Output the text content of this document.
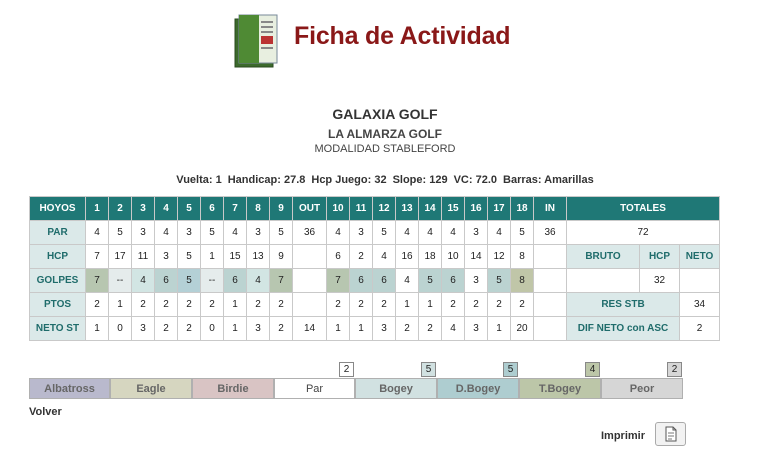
Ficha de Actividad
GALAXIA GOLF
LA ALMARZA GOLF
MODALIDAD STABLEFORD
Vuelta: 1 Handicap: 27.8 Hcp Juego: 32 Slope: 129 VC: 72.0 Barras: Amarillas
HOYOS	1	2	3	4	5	6	7	8	9	OUT	10	11	12	13	14	15	16	17	18	IN	TOTALES		
PAR	4	5	3	4	3	5	4	3	5	36	4	3	5	4	4	4	3	4	5	36	72		
HCP	7	17	11	3	5	1	15	13	9		6	2	4	16	18	10	14	12	8		BRUTO	HCP	NETO
GOLPES	7	--	4	6	5	--	6	4	7		7	6	6	4	5	6	3	5	8			32	
PTOS	2	1	2	2	2	2	1	2	2		2	2	2	1	1	2	2	2	2		RES STB		34
NETO ST	1	0	3	2	2	0	1	3	2	14	1	1	3	2	2	4	3	1	20		DIF NETO con ASC		2
2	5	5	4	2
Albatross	Eagle	Birdie	Par	Bogey	D.Bogey	T.Bogey	Peor
Volver
Imprimir
